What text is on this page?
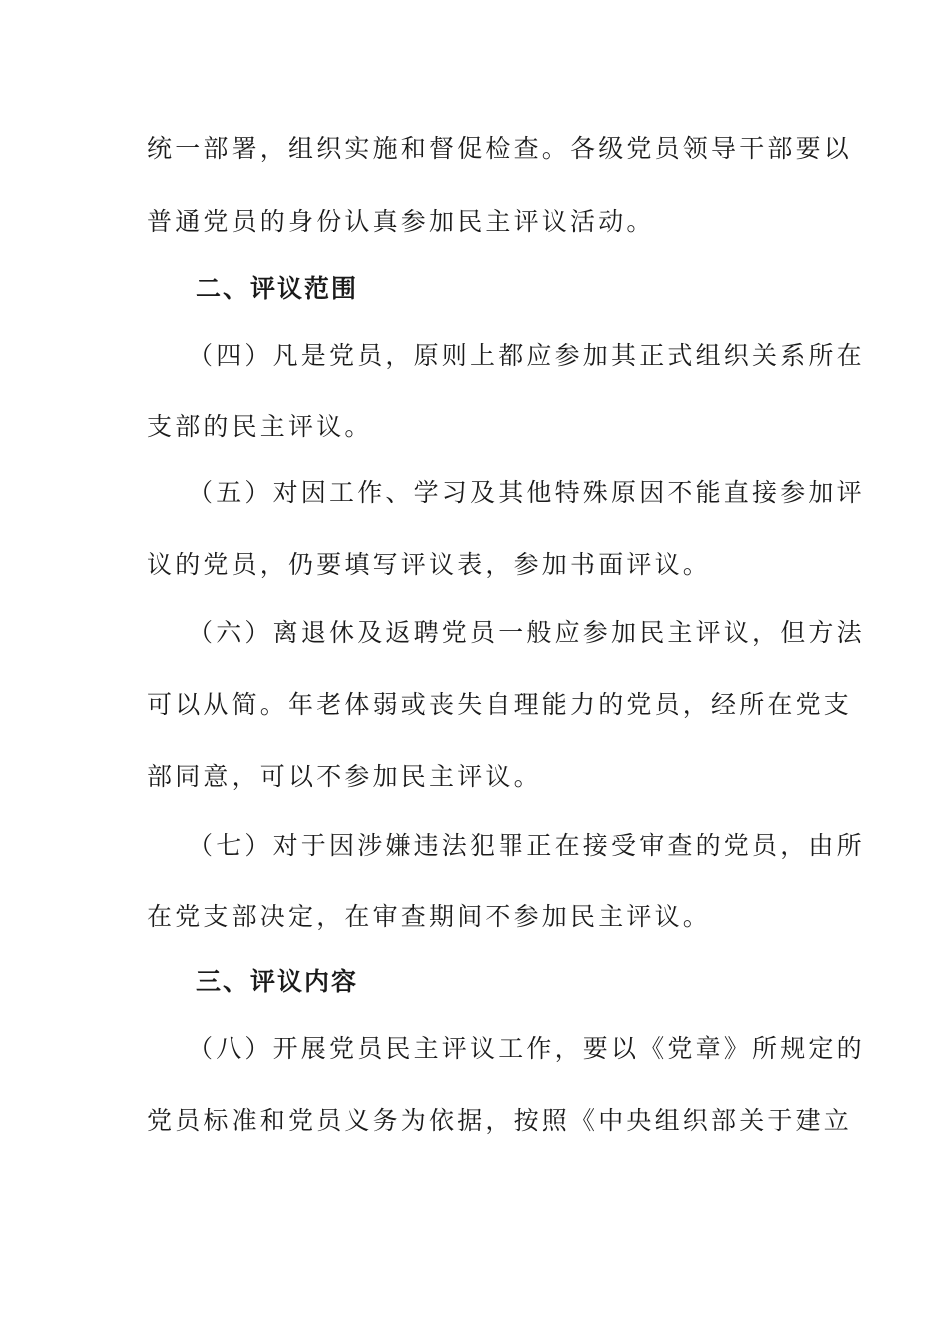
统一部署，组织实施和督促检查。各级党员领导干部要以
普通党员的身份认真参加民主评议活动。
二、评议范围
（四）凡是党员，原则上都应参加其正式组织关系所在
支部的民主评议。
（五）对因工作、学习及其他特殊原因不能直接参加评
议的党员，仍要填写评议表，参加书面评议。
（六）离退休及返聘党员一般应参加民主评议，但方法
可以从简。年老体弱或丧失自理能力的党员，经所在党支
部同意，可以不参加民主评议。
（七）对于因涉嫌违法犯罪正在接受审查的党员，由所
在党支部决定，在审查期间不参加民主评议。
三、评议内容
（八）开展党员民主评议工作，要以《党章》所规定的
党员标准和党员义务为依据，按照《中央组织部关于建立
